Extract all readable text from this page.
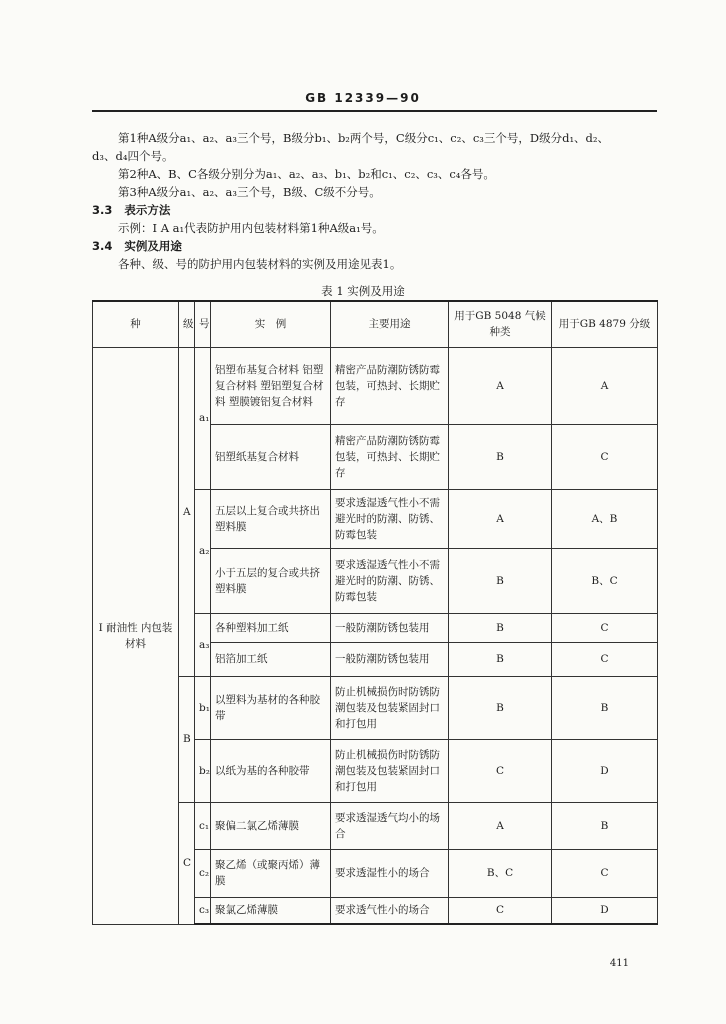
GB 12339—90
第1种A级分a₁、a₂、a₃三个号，B级分b₁、b₂两个号，C级分c₁、c₂、c₃三个号，D级分d₁、d₂、
d₃、d₄四个号。
第2种A、B、C各级分别分为a₁、a₂、a₃、b₁、b₂和c₁、c₂、c₃、c₄各号。
第3种A级分a₁、a₂、a₃三个号，B级、C级不分号。
3.3 表示方法
示例：Ⅰ A a₁代表防护用内包装材料第1种A级a₁号。
3.4 实例及用途
各种、级、号的防护用内包装材料的实例及用途见表1。
表 1 实例及用途
种	级	号	实　例	主要用途	用于GB 5048 气候种类	用于GB 4879 分级
Ⅰ 耐油性 内包装材料	A	a₁	铝塑布基复合材料 铝塑复合材料 塑铝塑复合材料 塑膜镀铝复合材料	精密产品防潮防锈防霉包装，可热封、长期贮存	A	A
			铝塑纸基复合材料	精密产品防潮防锈防霉包装，可热封、长期贮存	B	C
		a₂	五层以上复合或共挤出塑料膜	要求透湿透气性小不需避光时的防潮、防锈、防霉包装	A	A、B
			小于五层的复合或共挤塑料膜	要求透湿透气性小不需避光时的防潮、防锈、防霉包装	B	B、C
		a₃	各种塑料加工纸	一般防潮防锈包装用	B	C
			铝箔加工纸	一般防潮防锈包装用	B	C
	B	b₁	以塑料为基材的各种胶带	防止机械损伤时防锈防潮包装及包装紧固封口和打包用	B	B
		b₂	以纸为基的各种胶带	防止机械损伤时防锈防潮包装及包装紧固封口和打包用	C	D
	C	c₁	聚偏二氯乙烯薄膜	要求透湿透气均小的场合	A	B
		c₂	聚乙烯（或聚丙烯）薄膜	要求透湿性小的场合	B、C	C
		c₃	聚氯乙烯薄膜	要求透气性小的场合	C	D
411
